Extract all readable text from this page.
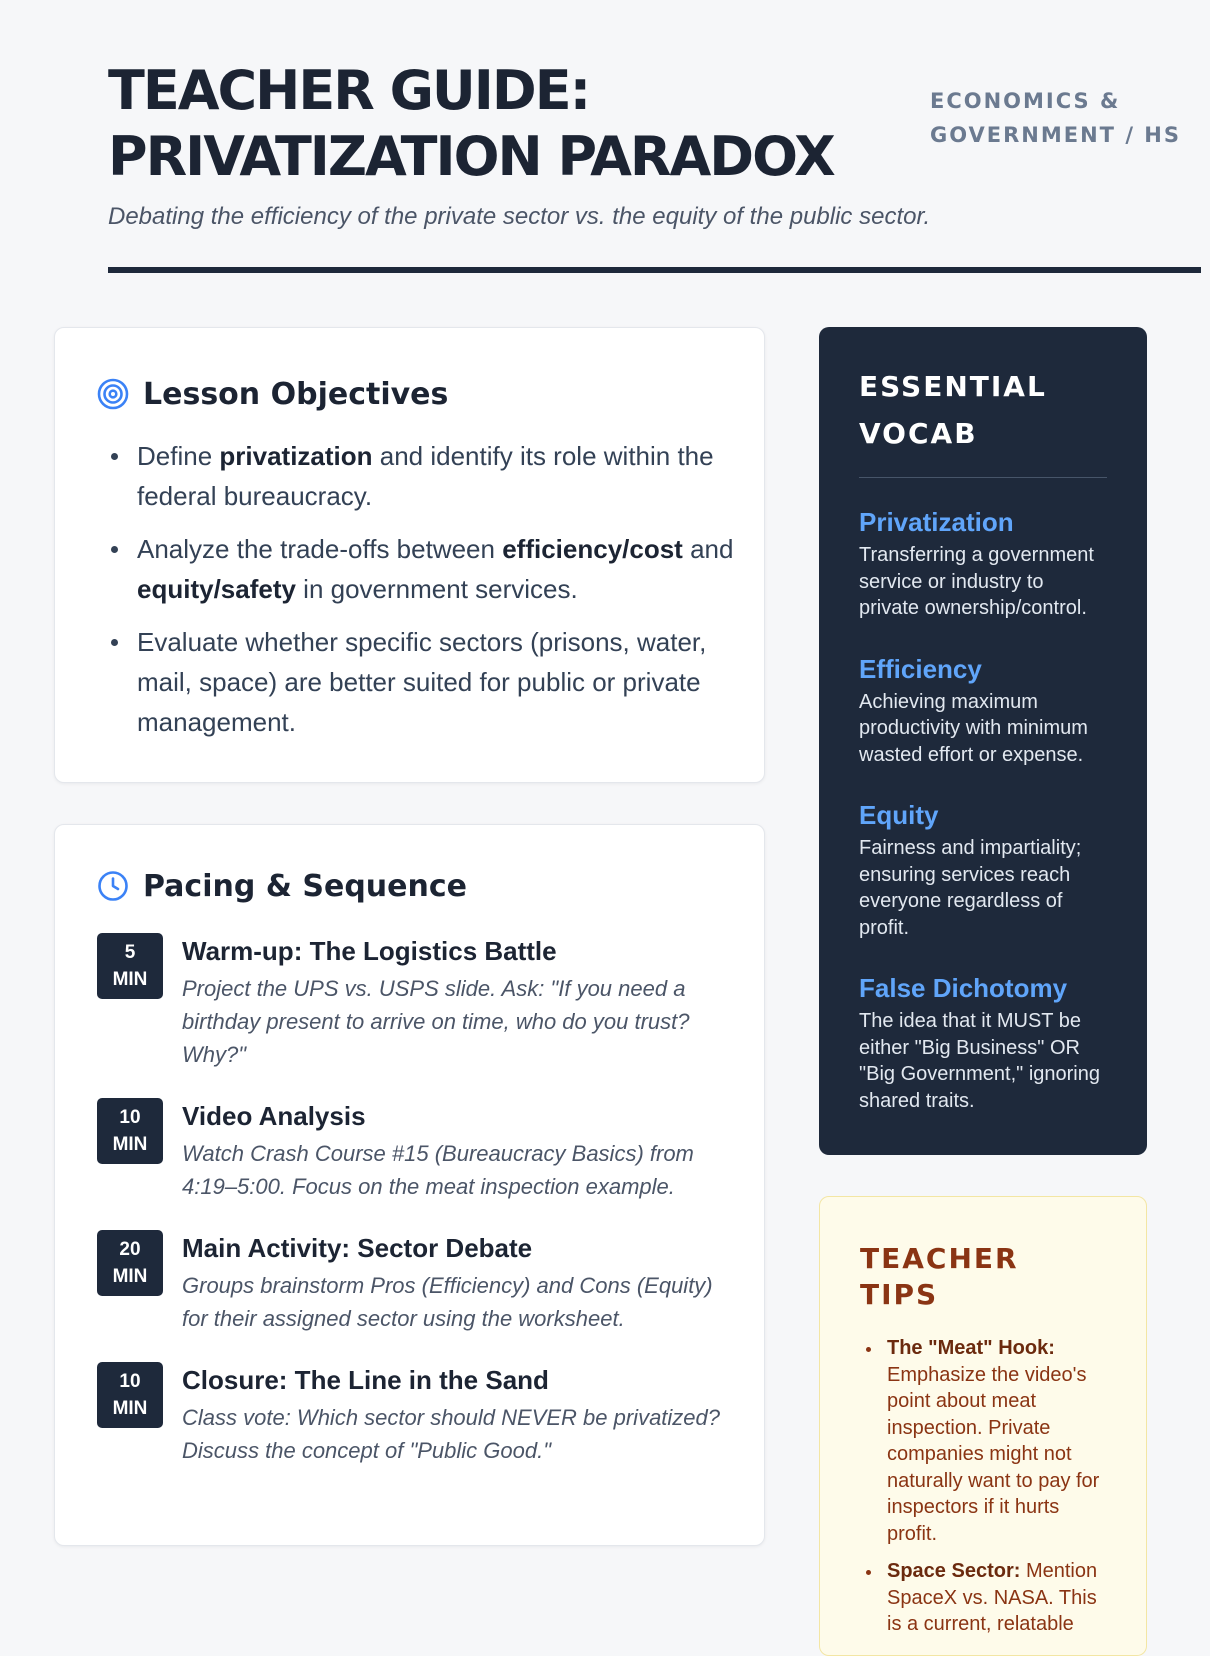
TEACHER GUIDE:
PRIVATIZATION PARADOX
ECONOMICS &
GOVERNMENT / HS
Debating the efficiency of the private sector vs. the equity of the public sector.
Lesson Objectives
Define privatization and identify its role within the federal bureaucracy.
Analyze the trade-offs between efficiency/cost and equity/safety in government services.
Evaluate whether specific sectors (prisons, water, mail, space) are better suited for public or private management.
Pacing & Sequence
5
MIN
Warm-up: The Logistics Battle
Project the UPS vs. USPS slide. Ask: "If you need a birthday present to arrive on time, who do you trust? Why?"
10
MIN
Video Analysis
Watch Crash Course #15 (Bureaucracy Basics) from 4:19–5:00. Focus on the meat inspection example.
20
MIN
Main Activity: Sector Debate
Groups brainstorm Pros (Efficiency) and Cons (Equity) for their assigned sector using the worksheet.
10
MIN
Closure: The Line in the Sand
Class vote: Which sector should NEVER be privatized? Discuss the concept of "Public Good."
ESSENTIAL
VOCAB
Privatization
Transferring a government service or industry to private ownership/control.
Efficiency
Achieving maximum productivity with minimum wasted effort or expense.
Equity
Fairness and impartiality; ensuring services reach everyone regardless of profit.
False Dichotomy
The idea that it MUST be either "Big Business" OR "Big Government," ignoring shared traits.
TEACHER TIPS
The "Meat" Hook: Emphasize the video's point about meat inspection. Private companies might not naturally want to pay for inspectors if it hurts profit.
Space Sector: Mention SpaceX vs. NASA. This is a current, relatable
